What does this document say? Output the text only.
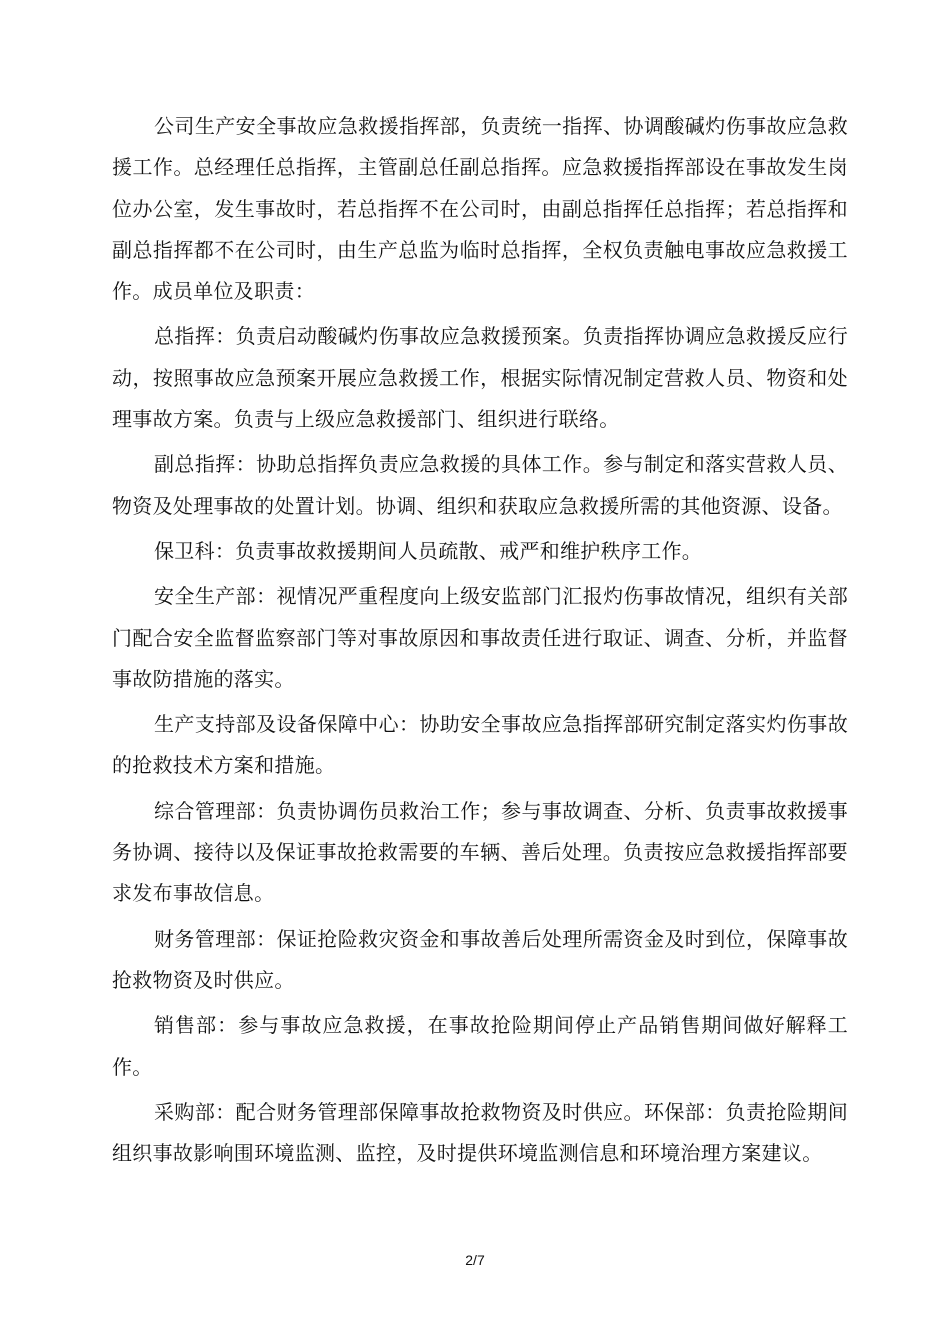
公司生产安全事故应急救援指挥部，负责统一指挥、协调酸碱灼伤事故应急救援工作。总经理任总指挥，主管副总任副总指挥。应急救援指挥部设在事故发生岗位办公室，发生事故时，若总指挥不在公司时，由副总指挥任总指挥；若总指挥和副总指挥都不在公司时，由生产总监为临时总指挥，全权负责触电事故应急救援工作。成员单位及职责：

总指挥：负责启动酸碱灼伤事故应急救援预案。负责指挥协调应急救援反应行动，按照事故应急预案开展应急救援工作，根据实际情况制定营救人员、物资和处理事故方案。负责与上级应急救援部门、组织进行联络。

副总指挥：协助总指挥负责应急救援的具体工作。参与制定和落实营救人员、物资及处理事故的处置计划。协调、组织和获取应急救援所需的其他资源、设备。

保卫科：负责事故救援期间人员疏散、戒严和维护秩序工作。

安全生产部：视情况严重程度向上级安监部门汇报灼伤事故情况，组织有关部门配合安全监督监察部门等对事故原因和事故责任进行取证、调查、分析，并监督事故防措施的落实。

生产支持部及设备保障中心：协助安全事故应急指挥部研究制定落实灼伤事故的抢救技术方案和措施。

综合管理部：负责协调伤员救治工作；参与事故调查、分析、负责事故救援事务协调、接待以及保证事故抢救需要的车辆、善后处理。负责按应急救援指挥部要求发布事故信息。

财务管理部：保证抢险救灾资金和事故善后处理所需资金及时到位，保障事故抢救物资及时供应。

销售部：参与事故应急救援，在事故抢险期间停止产品销售期间做好解释工作。

采购部：配合财务管理部保障事故抢救物资及时供应。环保部：负责抢险期间组织事故影响围环境监测、监控，及时提供环境监测信息和环境治理方案建议。

2/7
